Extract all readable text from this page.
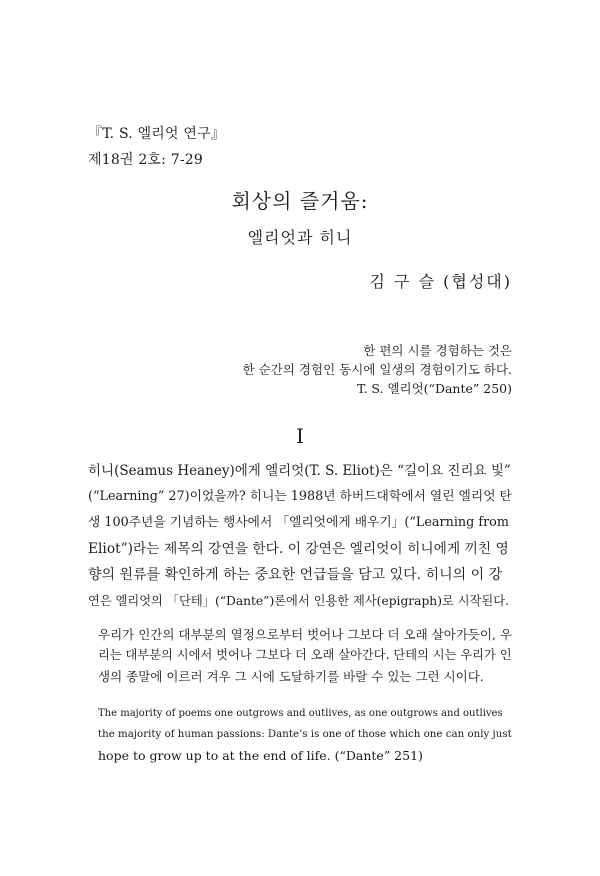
『T. S. 엘리엇 연구』
제18권 2호: 7-29
회상의 즐거움:
엘리엇과 히니
김 구 슬 (협성대)
한 편의 시를 경험하는 것은
한 순간의 경험인 동시에 일생의 경험이기도 하다.
T. S. 엘리엇(“Dante” 250)
I
히니(Seamus Heaney)에게 엘리엇(T. S. Eliot)은 “길이요 진리요 빛”
(“Learning” 27)이었을까? 히니는 1988년 하버드대학에서 열린 엘리엇 탄
생 100주년을 기념하는 행사에서 「엘리엇에게 배우기」(“Learning from
Eliot”)라는 제목의 강연을 한다. 이 강연은 엘리엇이 히니에게 끼친 영
향의 원류를 확인하게 하는 중요한 언급들을 담고 있다. 히니의 이 강
연은 엘리엇의 「단테」(“Dante”)론에서 인용한 제사(epigraph)로 시작된다.
우리가 인간의 대부분의 열정으로부터 벗어나 그보다 더 오래 살아가듯이, 우
리는 대부분의 시에서 벗어나 그보다 더 오래 살아간다. 단테의 시는 우리가 인
생의 종말에 이르러 겨우 그 시에 도달하기를 바랄 수 있는 그런 시이다.
The majority of poems one outgrows and outlives, as one outgrows and outlives
the majority of human passions: Dante’s is one of those which one can only just
hope to grow up to at the end of life. (“Dante” 251)
